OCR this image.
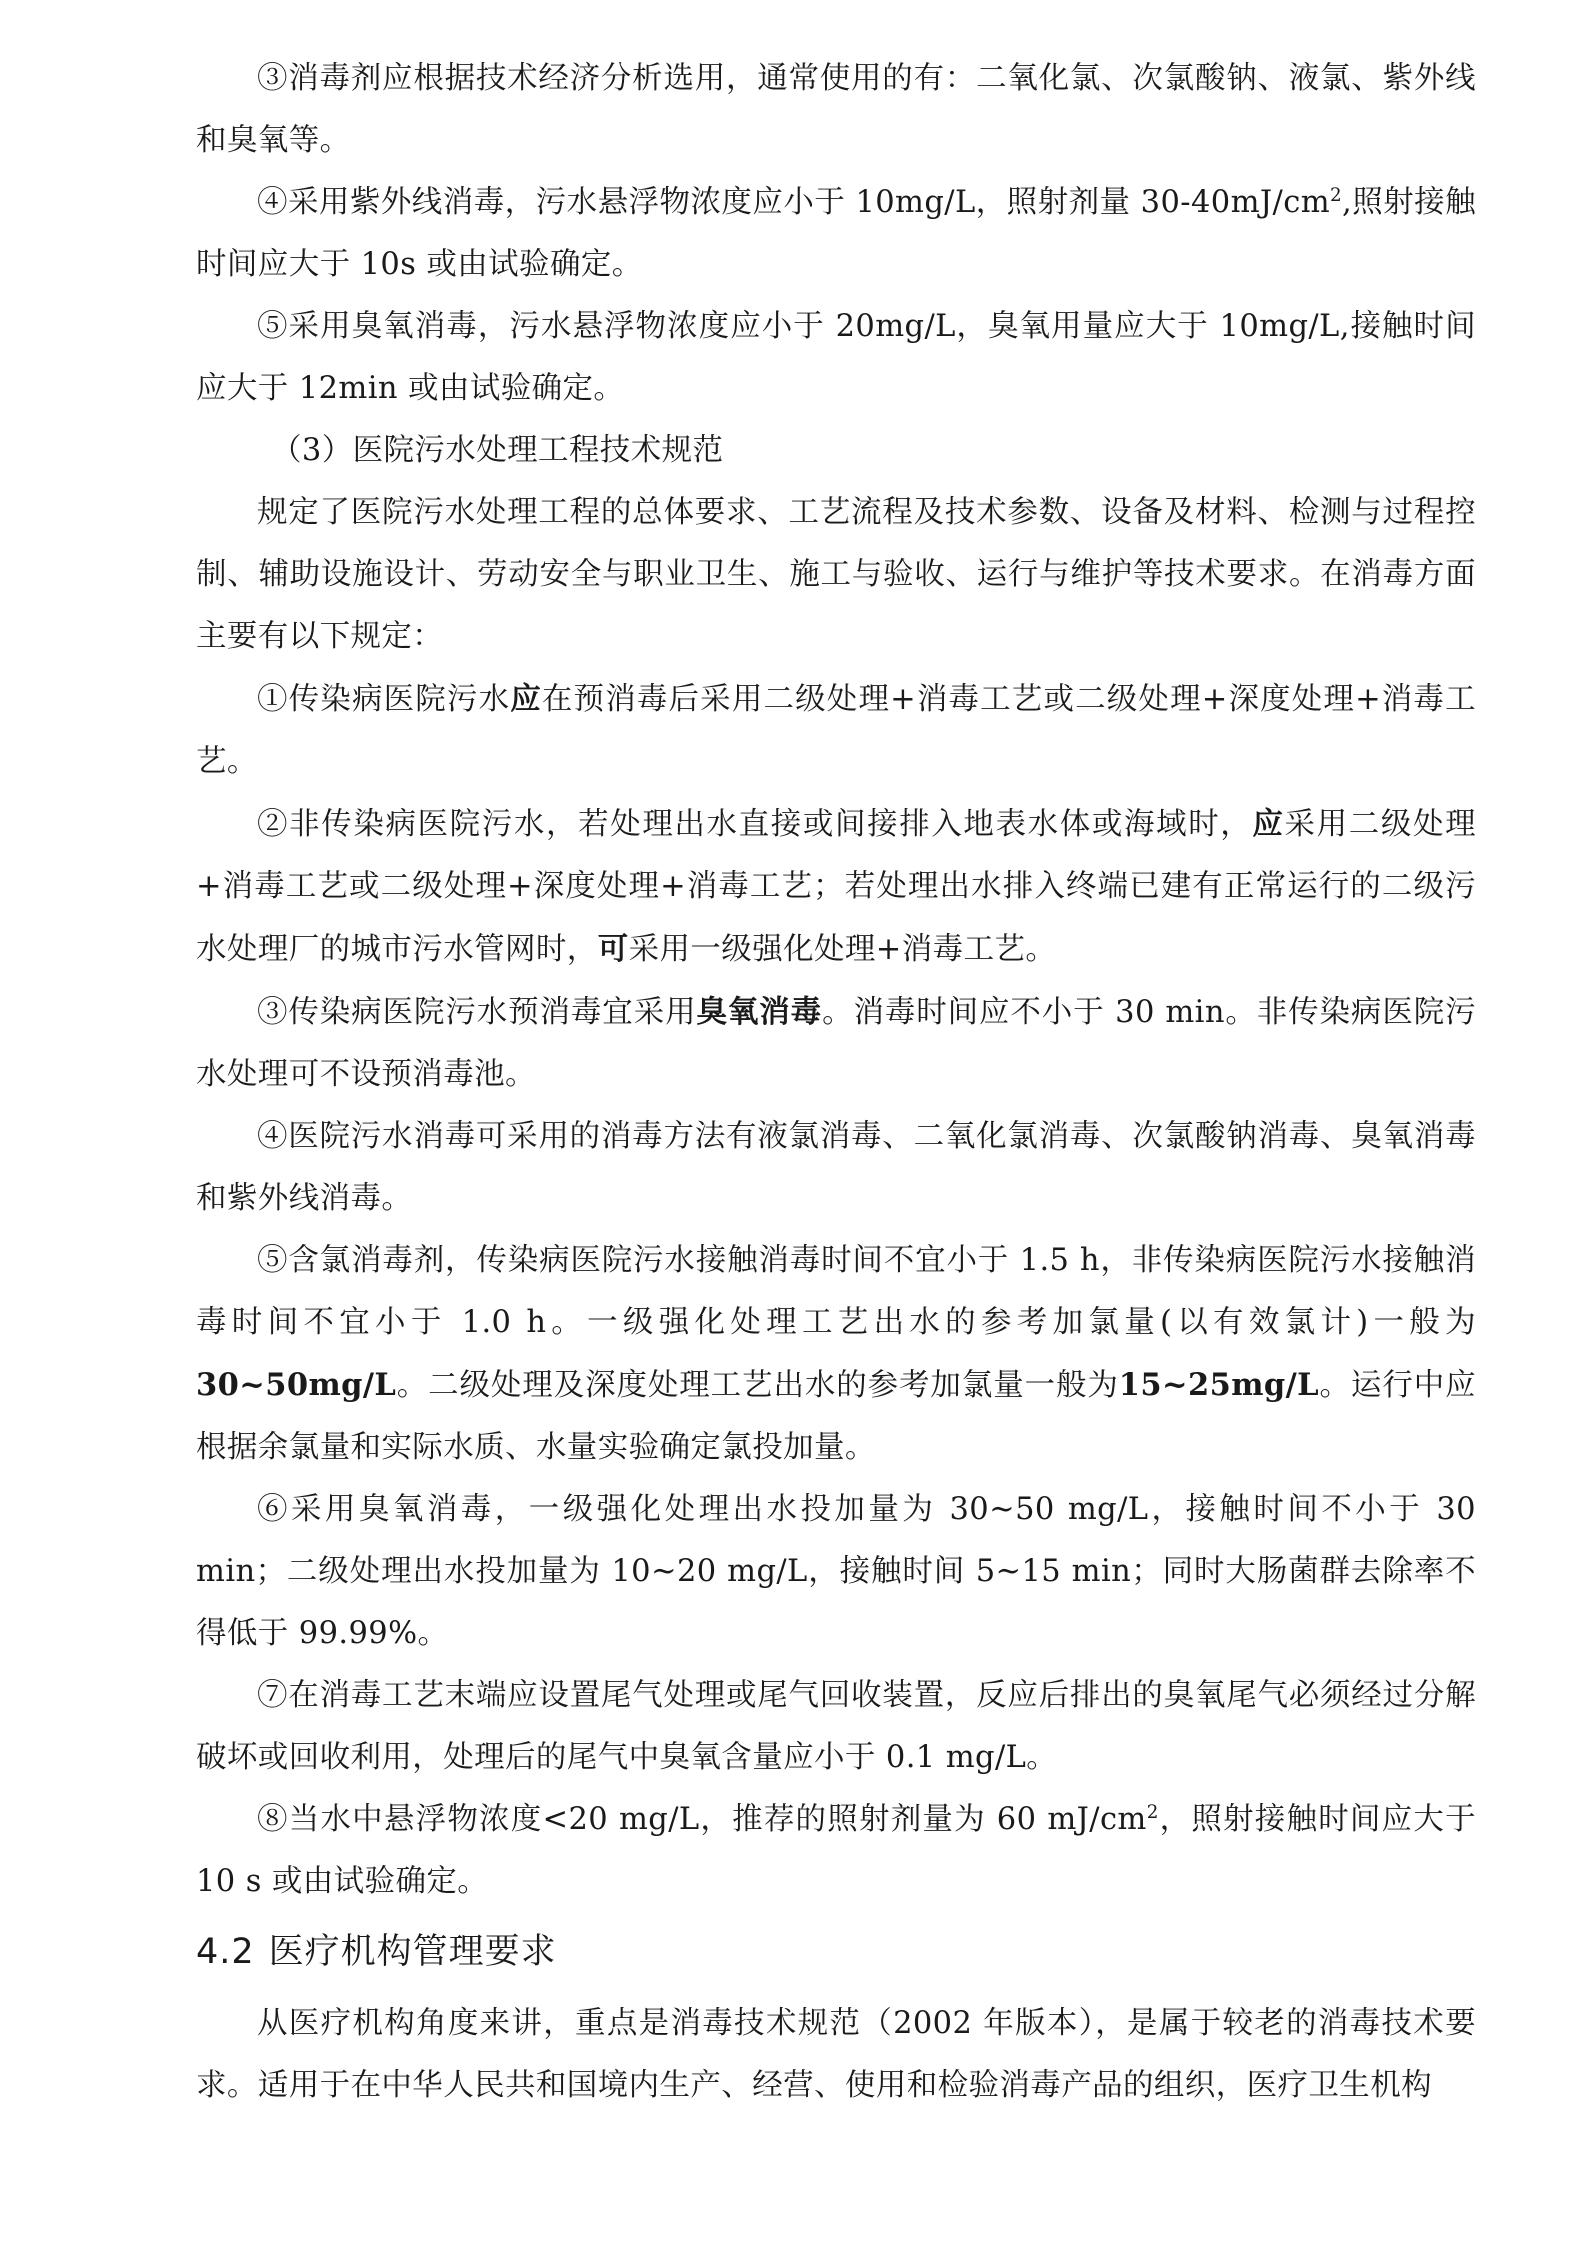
③消毒剂应根据技术经济分析选用，通常使用的有：二氧化氯、次氯酸钠、液氯、紫外线和臭氧等。

④采用紫外线消毒，污水悬浮物浓度应小于 10mg/L，照射剂量 $30-40mJ/cm^2$,照射接触时间应大于 10s 或由试验确定。

⑤采用臭氧消毒，污水悬浮物浓度应小于 20mg/L，臭氧用量应大于 10mg/L,接触时间应大于 12min 或由试验确定。

（3）医院污水处理工程技术规范

规定了医院污水处理工程的总体要求、工艺流程及技术参数、设备及材料、检测与过程控制、辅助设施设计、劳动安全与职业卫生、施工与验收、运行与维护等技术要求。在消毒方面主要有以下规定：

①传染病医院污水应在预消毒后采用二级处理+消毒工艺或二级处理+深度处理+消毒工艺。

②非传染病医院污水，若处理出水直接或间接排入地表水体或海域时，应采用二级处理+消毒工艺或二级处理+深度处理+消毒工艺；若处理出水排入终端已建有正常运行的二级污水处理厂的城市污水管网时，可采用一级强化处理+消毒工艺。

③传染病医院污水预消毒宜采用臭氧消毒。消毒时间应不小于 30 min。非传染病医院污水处理可不设预消毒池。

④医院污水消毒可采用的消毒方法有液氯消毒、二氧化氯消毒、次氯酸钠消毒、臭氧消毒和紫外线消毒。

⑤含氯消毒剂，传染病医院污水接触消毒时间不宜小于 1.5 h，非传染病医院污水接触消毒时间不宜小于 1.0 h。一级强化处理工艺出水的参考加氯量(以有效氯计)一般为30~50mg/L。二级处理及深度处理工艺出水的参考加氯量一般为15~25mg/L。运行中应根据余氯量和实际水质、水量实验确定氯投加量。

⑥采用臭氧消毒，一级强化处理出水投加量为 30~50 mg/L，接触时间不小于 30 min；二级处理出水投加量为 10~20 mg/L，接触时间 5~15 min；同时大肠菌群去除率不得低于 99.99%。

⑦在消毒工艺末端应设置尾气处理或尾气回收装置，反应后排出的臭氧尾气必须经过分解破坏或回收利用，处理后的尾气中臭氧含量应小于 0.1 mg/L。

⑧当水中悬浮物浓度<20 mg/L，推荐的照射剂量为 60 $mJ/cm^2$，照射接触时间应大于 10 s 或由试验确定。

4.2 医疗机构管理要求

从医疗机构角度来讲，重点是消毒技术规范（2002 年版本），是属于较老的消毒技术要求。适用于在中华人民共和国境内生产、经营、使用和检验消毒产品的组织，医疗卫生机构
